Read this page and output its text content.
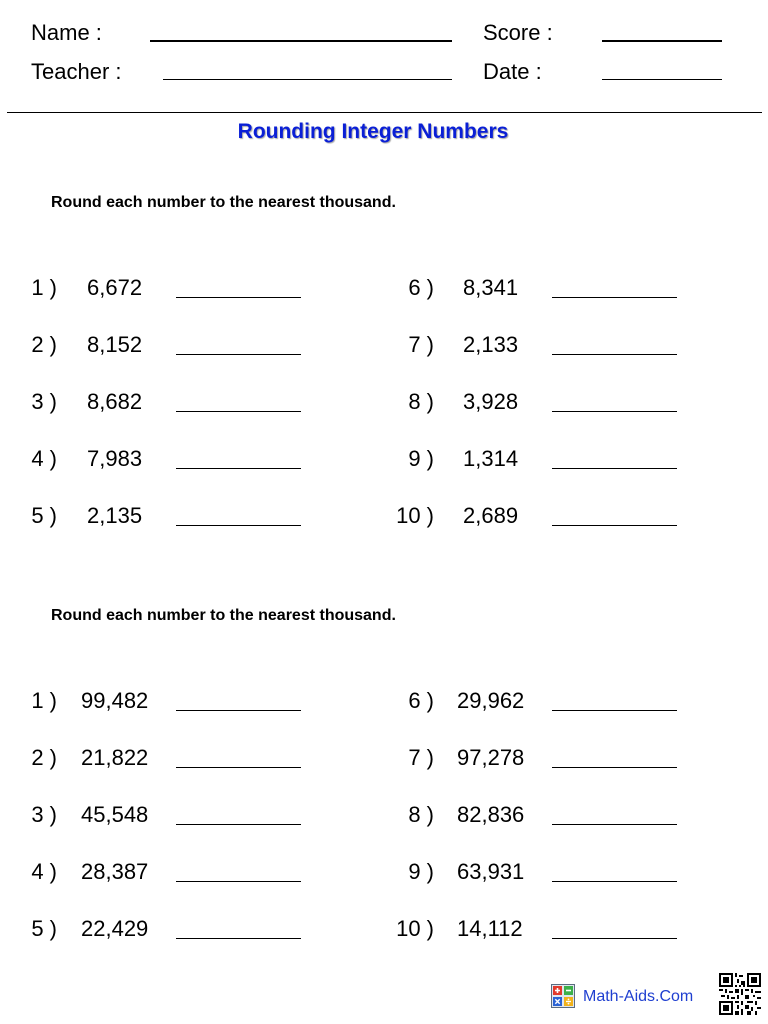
Name :
Teacher :
Score :
Date :
Rounding Integer Numbers
Round each number to the nearest thousand.
1 ) 6,672
2 ) 8,152
3 ) 8,682
4 ) 7,983
5 ) 2,135
6 ) 8,341
7 ) 2,133
8 ) 3,928
9 ) 1,314
10 ) 2,689
Round each number to the nearest thousand.
1 ) 99,482
2 ) 21,822
3 ) 45,548
4 ) 28,387
5 ) 22,429
6 ) 29,962
7 ) 97,278
8 ) 82,836
9 ) 63,931
10 ) 14,112
Math-Aids.Com
